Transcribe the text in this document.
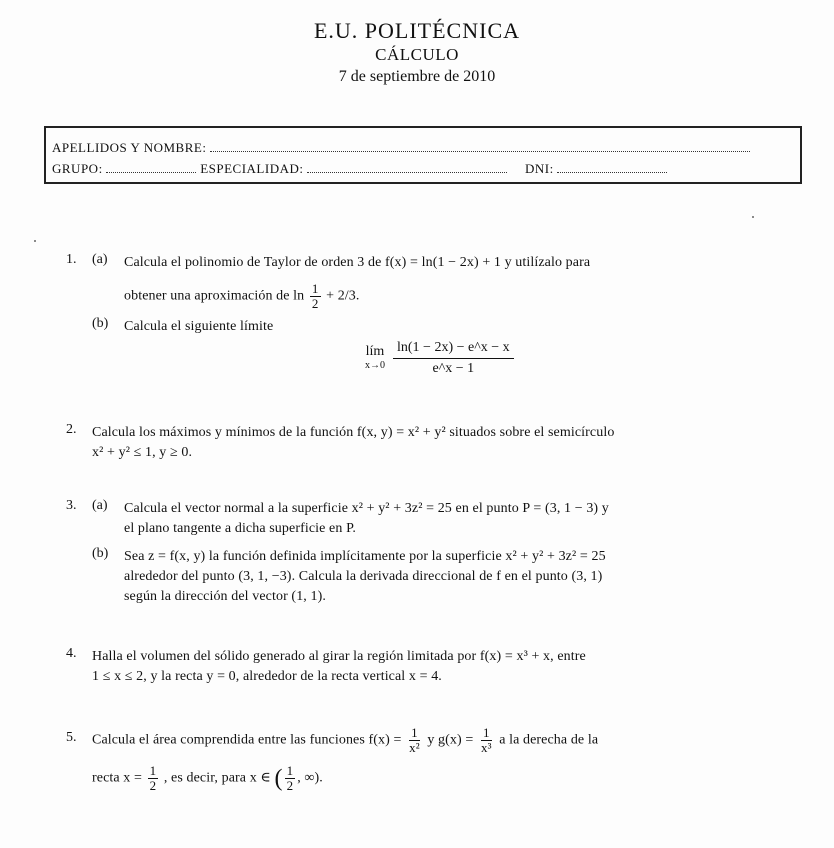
E.U. POLITÉCNICA
CÁLCULO
7 de septiembre de 2010
APELLIDOS Y NOMBRE:
GRUPO:	ESPECIALIDAD:	DNI:
1. (a) Calcula el polinomio de Taylor de orden 3 de f(x) = ln(1 − 2x) + 1 y utilízalo para
obtener una aproximación de $\ln \frac{1}{2} + 2/3$.
(b) Calcula el siguiente límite
lím
$x\to 0 \frac{\ln(1 - 2x) - e\^{}x - x}{e\^{}x - 1}$
2. Calcula los máximos y mínimos de la función f(x, y) = x² + y² situados sobre el semicírculo
x² + y² ≤ 1, y ≥ 0.
3. (a) Calcula el vector normal a la superficie x² + y² + 3z² = 25 en el punto P = (3, 1 − 3) y
el plano tangente a dicha superficie en P.
(b) Sea z = f(x, y) la función definida implícitamente por la superficie x² + y² + 3z² = 25
alrededor del punto (3, 1, −3). Calcula la derivada direccional de f en el punto (3, 1)
según la dirección del vector (1, 1).
4. Halla el volumen del sólido generado al girar la región limitada por f(x) = x³ + x, entre
1 ≤ x ≤ 2, y la recta y = 0, alrededor de la recta vertical x = 4.
5. Calcula el área comprendida entre las funciones $f(x) = \frac{1}{\text{x²}}$ y $g(x) = \frac{1}{\text{x³}}$ a la derecha de la
recta $x = \frac{1}{2}$ , es decir, para x ∈ ( $\frac{1}{2}$ , ∞).
